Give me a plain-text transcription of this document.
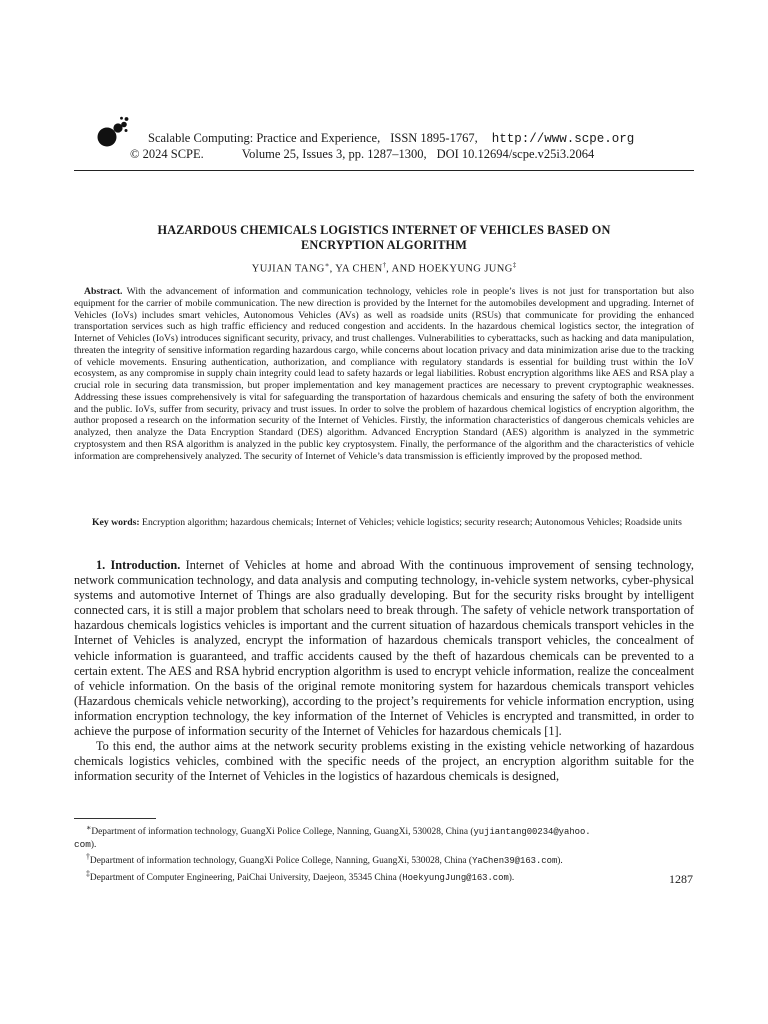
Scalable Computing: Practice and Experience, ISSN 1895-1767, http://www.scpe.org
© 2024 SCPE.	Volume 25, Issues 3, pp. 1287–1300, DOI 10.12694/scpe.v25i3.2064
HAZARDOUS CHEMICALS LOGISTICS INTERNET OF VEHICLES BASED ON
ENCRYPTION ALGORITHM
YUJIAN TANG∗, YA CHEN†, AND HOEKYUNG JUNG‡
Abstract. With the advancement of information and communication technology, vehicles role in people’s lives is not just for transportation but also equipment for the carrier of mobile communication. The new direction is provided by the Internet for the automobiles development and upgrading. Internet of Vehicles (IoVs) includes smart vehicles, Autonomous Vehicles (AVs) as well as roadside units (RSUs) that communicate for providing the enhanced transportation services such as high traffic efficiency and reduced congestion and accidents. In the hazardous chemical logistics sector, the integration of Internet of Vehicles (IoVs) introduces significant security, privacy, and trust challenges. Vulnerabilities to cyberattacks, such as hacking and data manipulation, threaten the integrity of sensitive information regarding hazardous cargo, while concerns about location privacy and data minimization arise due to the tracking of vehicle movements. Ensuring authentication, authorization, and compliance with regulatory standards is essential for building trust within the IoV ecosystem, as any compromise in supply chain integrity could lead to safety hazards or legal liabilities. Robust encryption algorithms like AES and RSA play a crucial role in securing data transmission, but proper implementation and key management practices are necessary to prevent cryptographic weaknesses. Addressing these issues comprehensively is vital for safeguarding the transportation of hazardous chemicals and ensuring the safety of both the environment and the public. IoVs, suffer from security, privacy and trust issues. In order to solve the problem of hazardous chemical logistics of encryption algorithm, the author proposed a research on the information security of the Internet of Vehicles. Firstly, the information characteristics of dangerous chemicals vehicles are analyzed, then analyze the Data Encryption Standard (DES) algorithm. Advanced Encryption Standard (AES) algorithm is analyzed in the symmetric cryptosystem and then RSA algorithm is analyzed in the public key cryptosystem. Finally, the performance of the algorithm and the characteristics of vehicle information are comprehensively analyzed. The security of Internet of Vehicle’s data transmission is efficiently improved by the proposed method.
Key words: Encryption algorithm; hazardous chemicals; Internet of Vehicles; vehicle logistics; security research; Autonomous Vehicles; Roadside units

1. Introduction. Internet of Vehicles at home and abroad With the continuous improvement of sensing technology, network communication technology, and data analysis and computing technology, in-vehicle system networks, cyber-physical systems and automotive Internet of Things are also gradually developing. But for the security risks brought by intelligent connected cars, it is still a major problem that scholars need to break through. The safety of vehicle network transportation of hazardous chemicals logistics vehicles is important and the current situation of hazardous chemicals transport vehicles in the Internet of Vehicles is analyzed, encrypt the information of hazardous chemicals transport vehicles, the concealment of vehicle information is guaranteed, and traffic accidents caused by the theft of hazardous chemicals can be prevented to a certain extent. The AES and RSA hybrid encryption algorithm is used to encrypt vehicle information, realize the concealment of vehicle information. On the basis of the original remote monitoring system for hazardous chemicals transport vehicles (Hazardous chemicals vehicle networking), according to the project’s requirements for vehicle information encryption, using information encryption technology, the key information of the Internet of Vehicles is encrypted and transmitted, in order to achieve the purpose of information security of the Internet of Vehicles for hazardous chemicals [1].

To this end, the author aims at the network security problems existing in the existing vehicle networking of hazardous chemicals logistics vehicles, combined with the specific needs of the project, an encryption algorithm suitable for the information security of the Internet of Vehicles in the logistics of hazardous chemicals is designed,

∗Department of information technology, GuangXi Police College, Nanning, GuangXi, 530028, China (yujiantang00234@yahoo.
com).
†Department of information technology, GuangXi Police College, Nanning, GuangXi, 530028, China (YaChen39@163.com).
‡Department of Computer Engineering, PaiChai University, Daejeon, 35345 China (HoekyungJung@163.com).	1287
